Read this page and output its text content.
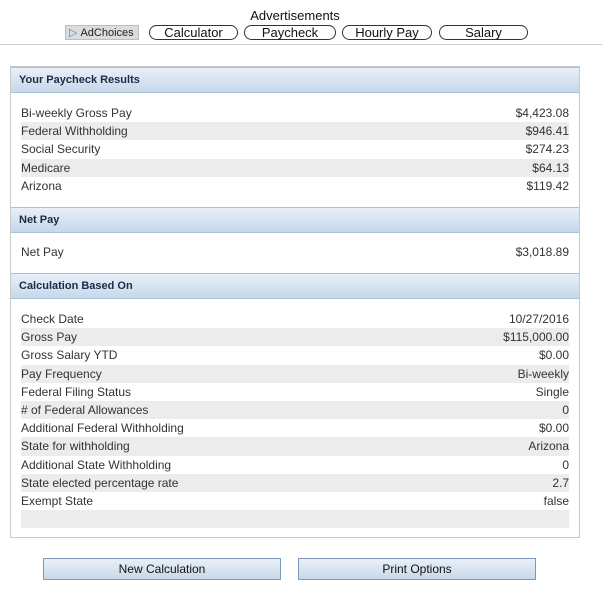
Advertisements
▷ AdChoices	Calculator	Paycheck	Hourly Pay	Salary
Your Paycheck Results
Bi-weekly Gross Pay	$4,423.08
Federal Withholding	$946.41
Social Security	$274.23
Medicare	$64.13
Arizona	$119.42
Net Pay
Net Pay	$3,018.89
Calculation Based On
Check Date	10/27/2016
Gross Pay	$115,000.00
Gross Salary YTD	$0.00
Pay Frequency	Bi-weekly
Federal Filing Status	Single
# of Federal Allowances	0
Additional Federal Withholding	$0.00
State for withholding	Arizona
Additional State Withholding	0
State elected percentage rate	2.7
Exempt State	false
New Calculation	Print Options
